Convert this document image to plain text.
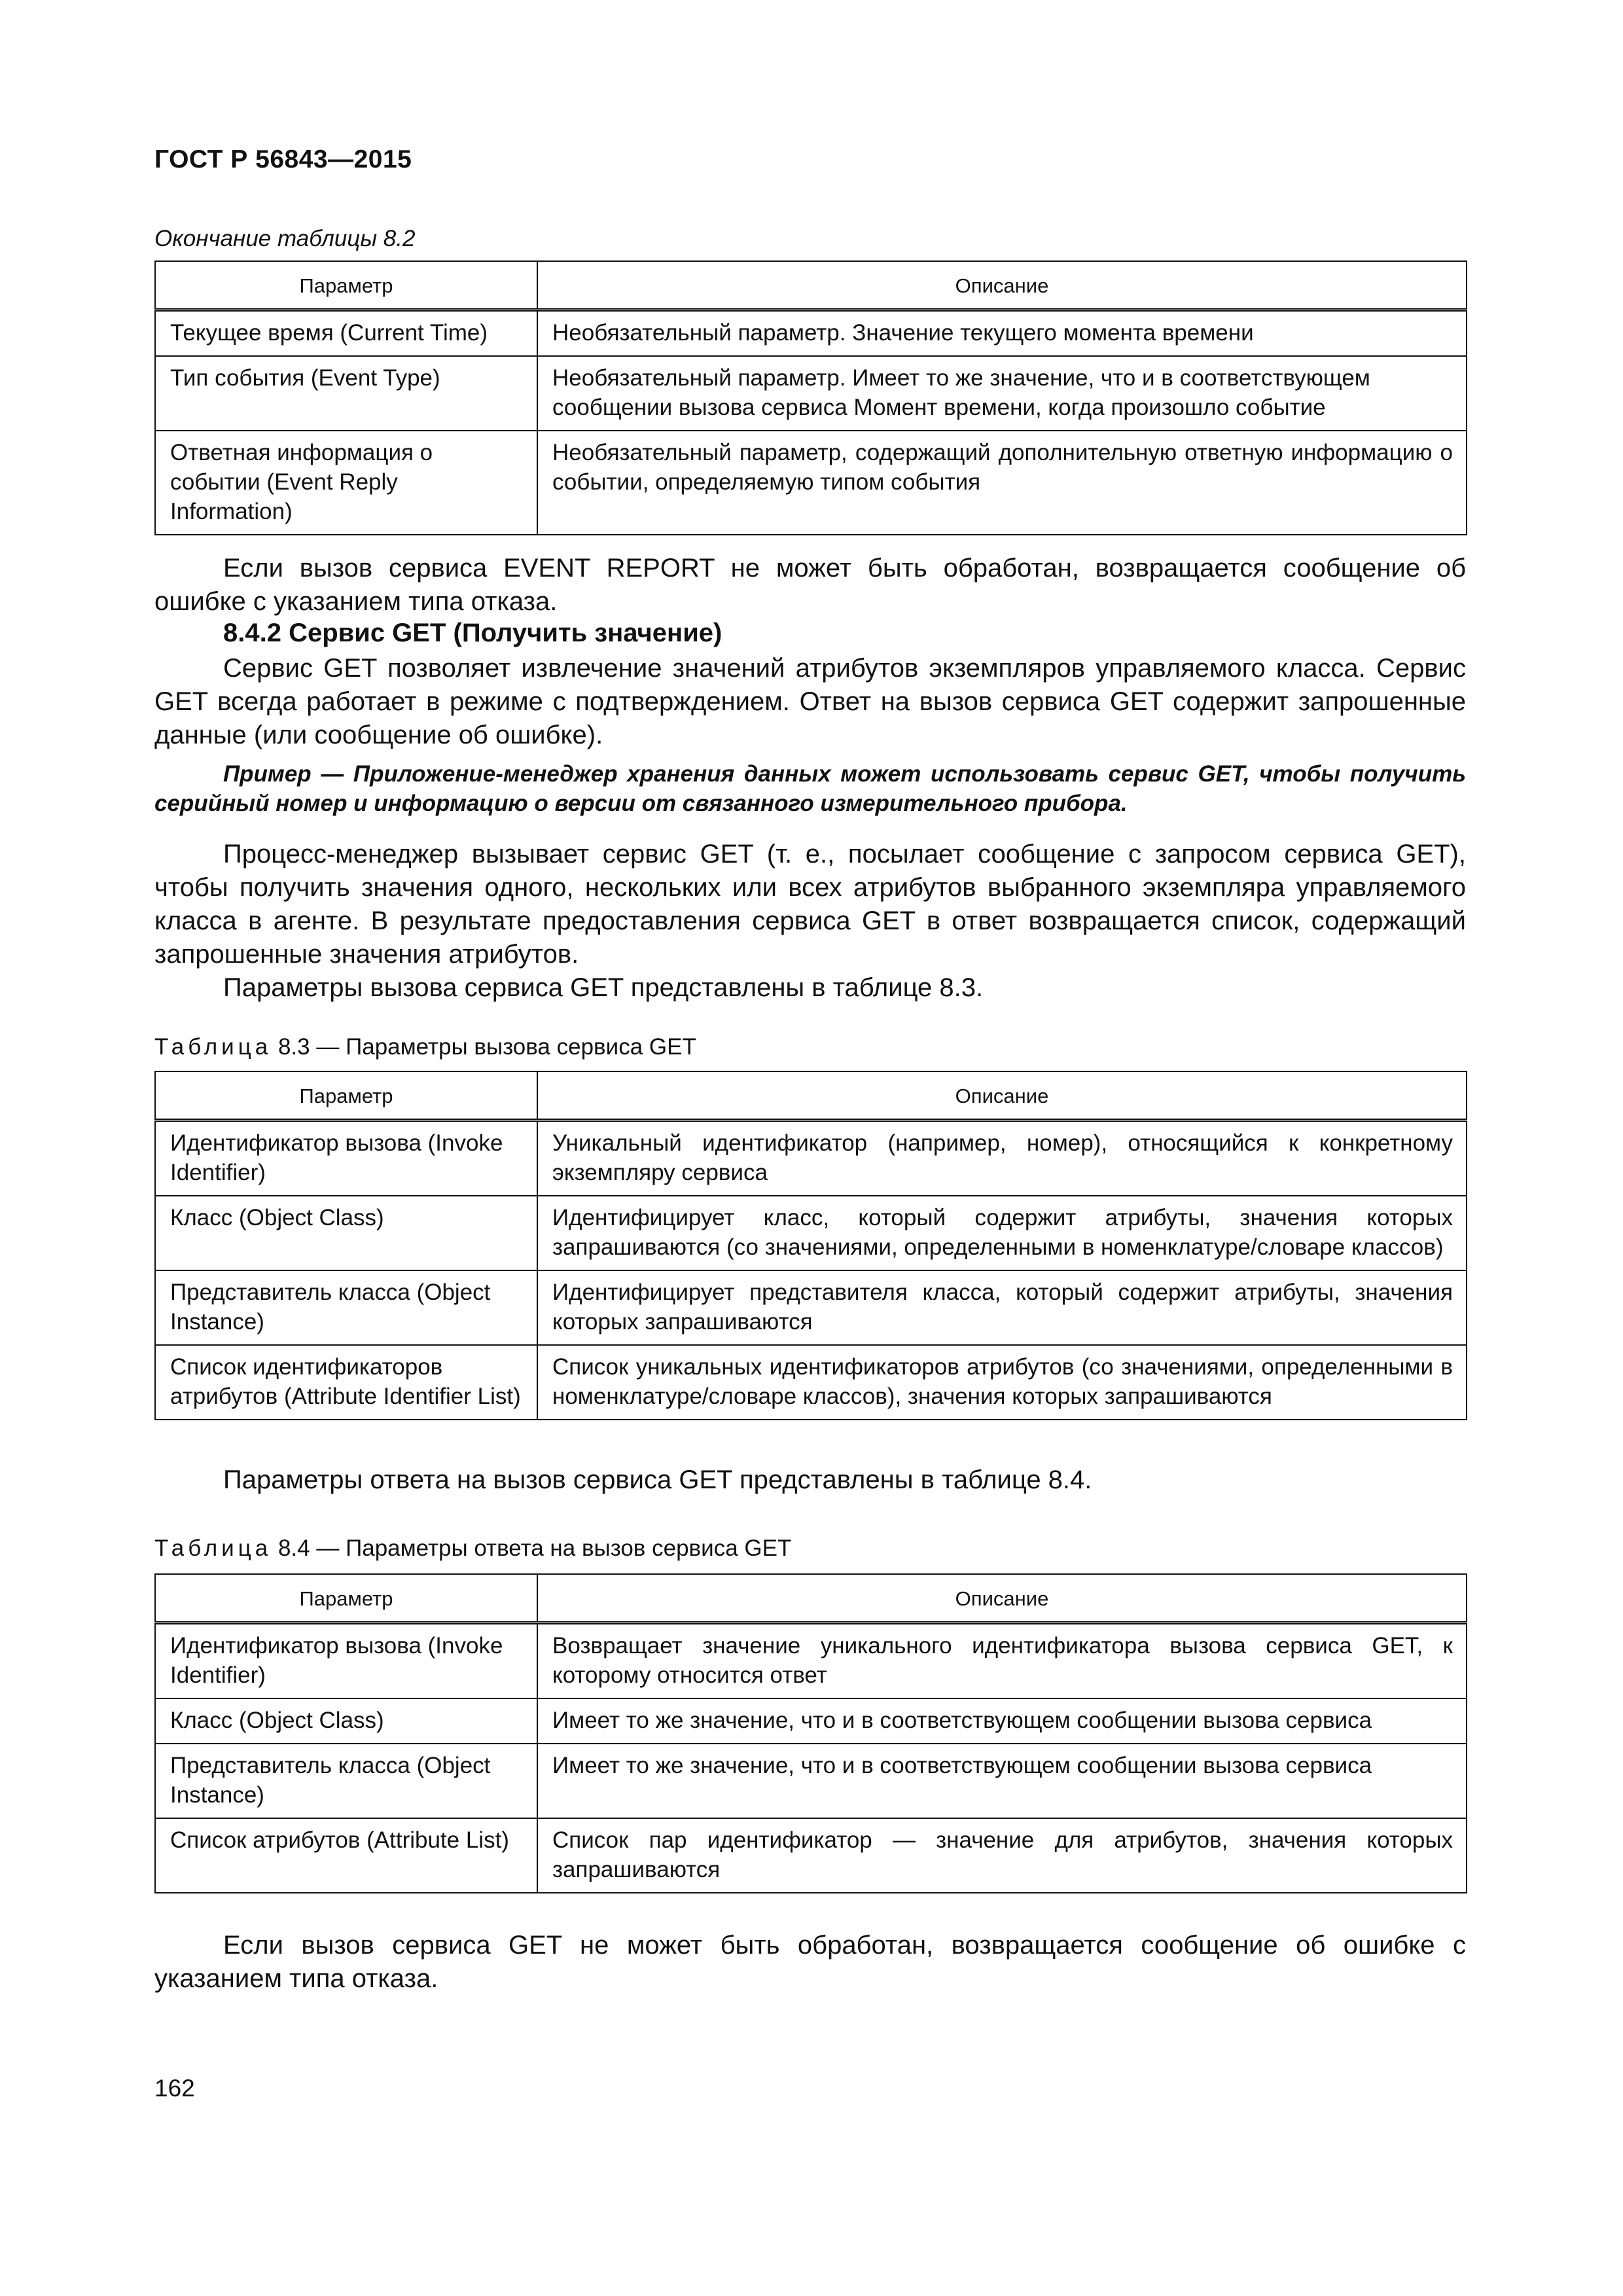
ГОСТ Р 56843—2015
Окончание таблицы 8.2
Параметр	Описание
Текущее время (Current Time)	Необязательный параметр. Значение текущего момента времени
Тип события (Event Type)	Необязательный параметр. Имеет то же значение, что и в соответствующем сообщении вызова сервиса Момент времени, когда произошло событие
Ответная информация о событии (Event Reply Information)	Необязательный параметр, содержащий дополнительную ответную информацию о событии, определяемую типом события

Если вызов сервиса EVENT REPORT не может быть обработан, возвращается сообщение об ошибке с указанием типа отказа.

8.4.2 Сервис GET (Получить значение)

Сервис GET позволяет извлечение значений атрибутов экземпляров управляемого класса. Сервис GET всегда работает в режиме с подтверждением. Ответ на вызов сервиса GET содержит запрошенные данные (или сообщение об ошибке).

Пример — Приложение-менеджер хранения данных может использовать сервис GET, чтобы получить серийный номер и информацию о версии от связанного измерительного прибора.

Процесс-менеджер вызывает сервис GET (т. е., посылает сообщение с запросом сервиса GET), чтобы получить значения одного, нескольких или всех атрибутов выбранного экземпляра управляемого класса в агенте. В результате предоставления сервиса GET в ответ возвращается список, содержащий запрошенные значения атрибутов.

Параметры вызова сервиса GET представлены в таблице 8.3.

Таблица 8.3 — Параметры вызова сервиса GET
Параметр	Описание
Идентификатор вызова (Invoke Identifier)	Уникальный идентификатор (например, номер), относящийся к конкретному экземпляру сервиса
Класс (Object Class)	Идентифицирует класс, который содержит атрибуты, значения которых запрашиваются (со значениями, определенными в номенклатуре/словаре классов)
Представитель класса (Object Instance)	Идентифицирует представителя класса, который содержит атрибуты, значения которых запрашиваются
Список идентификаторов атрибутов (Attribute Identifier List)	Список уникальных идентификаторов атрибутов (со значениями, определенными в номенклатуре/словаре классов), значения которых запрашиваются

Параметры ответа на вызов сервиса GET представлены в таблице 8.4.

Таблица 8.4 — Параметры ответа на вызов сервиса GET
Параметр	Описание
Идентификатор вызова (Invoke Identifier)	Возвращает значение уникального идентификатора вызова сервиса GET, к которому относится ответ
Класс (Object Class)	Имеет то же значение, что и в соответствующем сообщении вызова сервиса
Представитель класса (Object Instance)	Имеет то же значение, что и в соответствующем сообщении вызова сервиса
Список атрибутов (Attribute List)	Список пар идентификатор — значение для атрибутов, значения которых запрашиваются

Если вызов сервиса GET не может быть обработан, возвращается сообщение об ошибке с указанием типа отказа.

162
